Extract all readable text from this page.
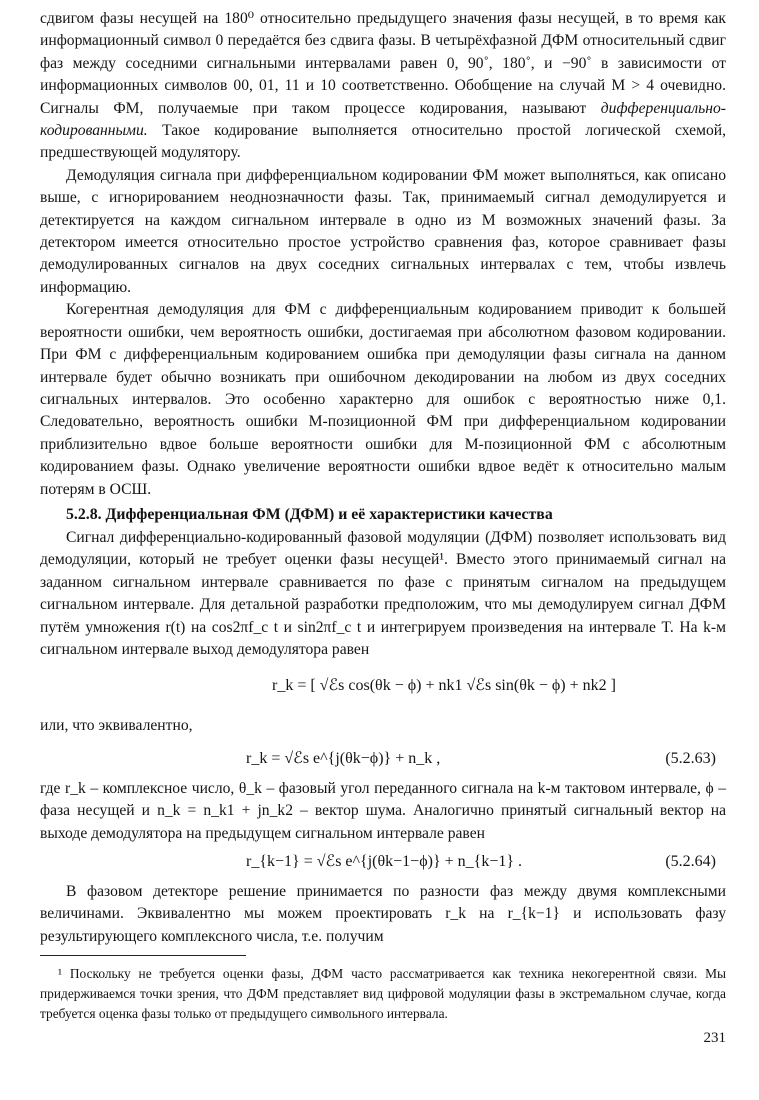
сдвигом фазы несущей на 180⁰ относительно предыдущего значения фазы несущей, в то время как информационный символ 0 передаётся без сдвига фазы. В четырёхфазной ДФМ относительный сдвиг фаз между соседними сигнальными интервалами равен 0, 90˚, 180˚, и −90˚ в зависимости от информационных символов 00, 01, 11 и 10 соответственно. Обобщение на случай M > 4 очевидно. Сигналы ФМ, получаемые при таком процессе кодирования, называют дифференциально-кодированными. Такое кодирование выполняется относительно простой логической схемой, предшествующей модулятору.

Демодуляция сигнала при дифференциальном кодировании ФМ может выполняться, как описано выше, с игнорированием неоднозначности фазы. Так, принимаемый сигнал демодулируется и детектируется на каждом сигнальном интервале в одно из M возможных значений фазы. За детектором имеется относительно простое устройство сравнения фаз, которое сравнивает фазы демодулированных сигналов на двух соседних сигнальных интервалах с тем, чтобы извлечь информацию.

Когерентная демодуляция для ФМ с дифференциальным кодированием приводит к большей вероятности ошибки, чем вероятность ошибки, достигаемая при абсолютном фазовом кодировании. При ФМ с дифференциальным кодированием ошибка при демодуляции фазы сигнала на данном интервале будет обычно возникать при ошибочном декодировании на любом из двух соседних сигнальных интервалов. Это особенно характерно для ошибок с вероятностью ниже 0,1. Следовательно, вероятность ошибки M-позиционной ФМ при дифференциальном кодировании приблизительно вдвое больше вероятности ошибки для M-позиционной ФМ с абсолютным кодированием фазы. Однако увеличение вероятности ошибки вдвое ведёт к относительно малым потерям в ОСШ.

5.2.8. Дифференциальная ФМ (ДФМ) и её характеристики качества

Сигнал дифференциально-кодированный фазовой модуляции (ДФМ) позволяет использовать вид демодуляции, который не требует оценки фазы несущей¹. Вместо этого принимаемый сигнал на заданном сигнальном интервале сравнивается по фазе с принятым сигналом на предыдущем сигнальном интервале. Для детальной разработки предположим, что мы демодулируем сигнал ДФМ путём умножения r(t) на cos2πf_c t и sin2πf_c t и интегрируем произведения на интервале T. На k-м сигнальном интервале выход демодулятора равен

r_k = [ √ℰs cos(θk − ϕ) + nk1 √ℰs sin(θk − ϕ) + nk2 ]

или, что эквивалентно,

r_k = √ℰs e^{j(θk−ϕ)} + n_k ,	(5.2.63)

где r_k – комплексное число, θ_k – фазовый угол переданного сигнала на k-м тактовом интервале, ϕ – фаза несущей и n_k = n_k1 + jn_k2 – вектор шума. Аналогично принятый сигнальный вектор на выходе демодулятора на предыдущем сигнальном интервале равен

r_{k−1} = √ℰs e^{j(θk−1−ϕ)} + n_{k−1} .	(5.2.64)

В фазовом детекторе решение принимается по разности фаз между двумя комплексными величинами. Эквивалентно мы можем проектировать r_k на r_{k−1} и использовать фазу результирующего комплексного числа, т.е. получим

¹ Поскольку не требуется оценки фазы, ДФМ часто рассматривается как техника некогерентной связи. Мы придерживаемся точки зрения, что ДФМ представляет вид цифровой модуляции фазы в экстремальном случае, когда требуется оценка фазы только от предыдущего символьного интервала.

231
